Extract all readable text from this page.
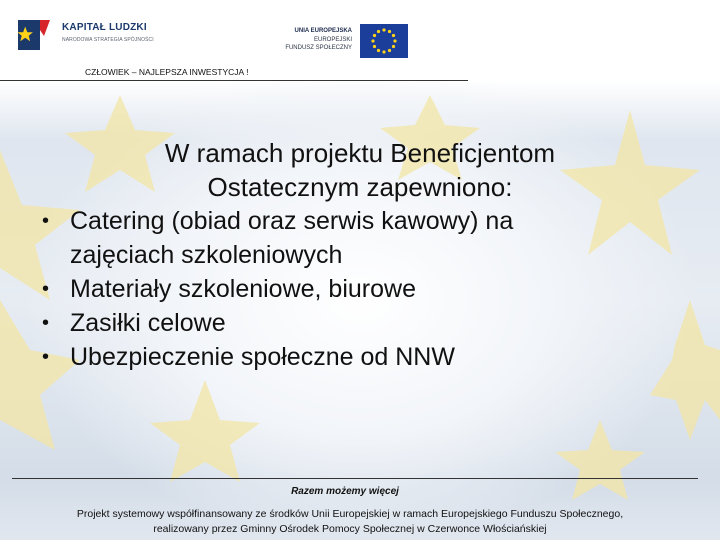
KAPITAŁ LUDZKI
NARODOWA STRATEGIA SPÓJNOŚCI
UNIA EUROPEJSKA
EUROPEJSKI
FUNDUSZ SPOŁECZNY
CZŁOWIEK – NAJLEPSZA INWESTYCJA !
W ramach projektu Beneficjentom
Ostatecznym zapewniono:
• Catering (obiad oraz serwis kawowy) na
zajęciach szkoleniowych
• Materiały szkoleniowe, biurowe
• Zasiłki celowe
• Ubezpieczenie społeczne od NNW
Razem możemy więcej
Projekt systemowy współfinansowany ze środków Unii Europejskiej w ramach Europejskiego Funduszu Społecznego,
realizowany przez Gminny Ośrodek Pomocy Społecznej w Czerwonce Włościańskiej
